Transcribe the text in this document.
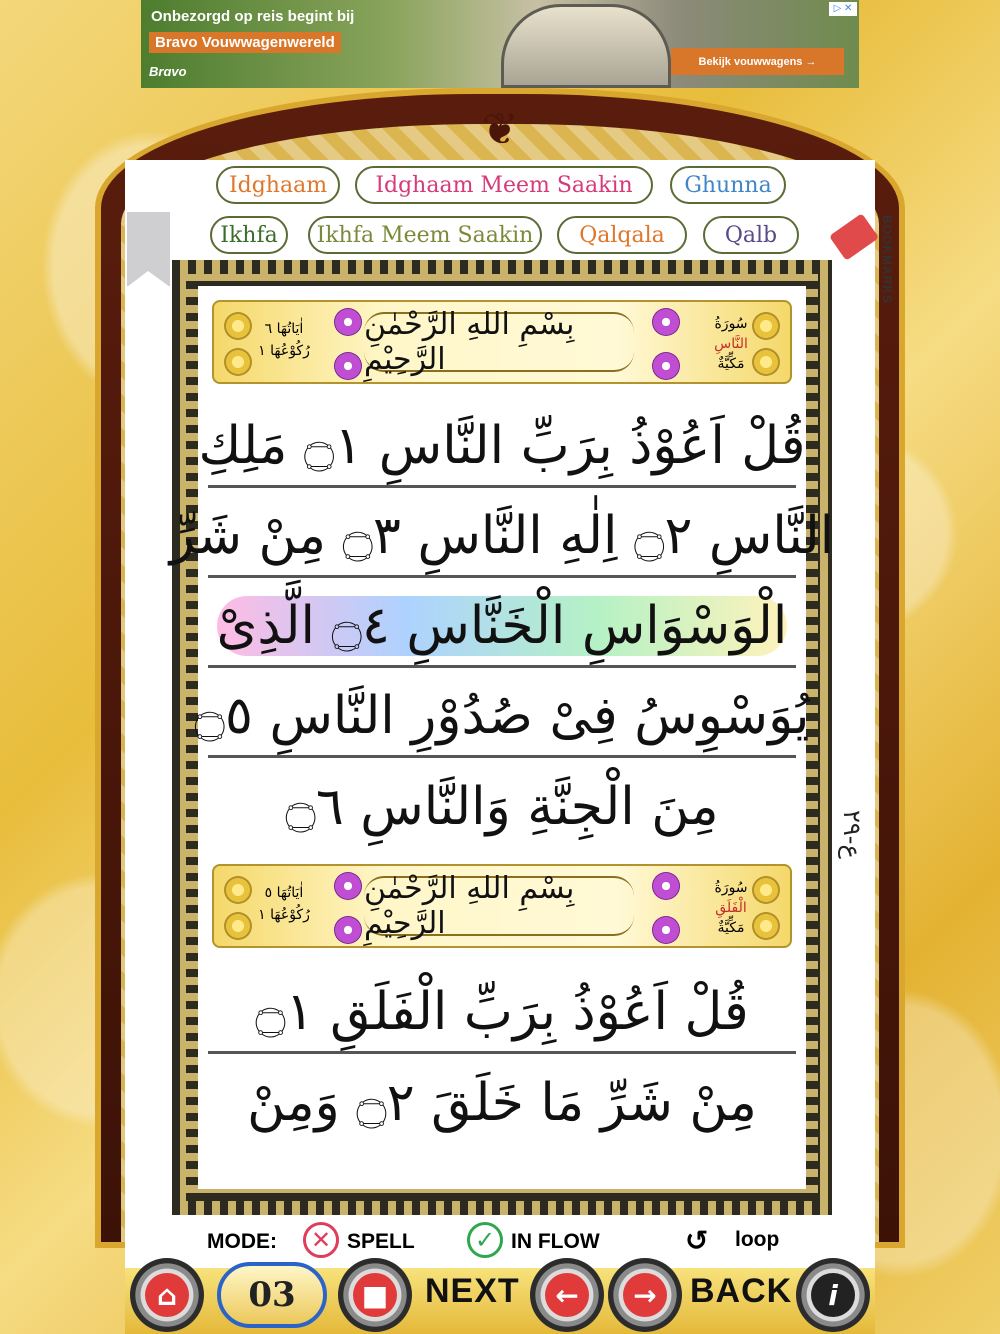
Onbezorgd op reis begint bij
Bravo Vouwwagenwereld
Brɑvo
Bekijk vouwwagens →
▷ ✕
❦
Idghaam	Idghaam Meem Saakin	Ghunna
Ikhfa	Ikhfa Meem Saakin	Qalqala	Qalb	BOOKMARKS
اٰيَاتُهَا ٦
رُكُوْعُهَا ١
بِسْمِ اللهِ الرَّحْمٰنِ الرَّحِيْمِ
سُورَةُ
النَّاسِ
مَكِّيَّةٌ
قُلْ اَعُوْذُ بِرَبِّ النَّاسِ ۝١ مَلِكِ
النَّاسِ ۝٢ اِلٰهِ النَّاسِ ۝٣ مِنْ شَرِّ
الْوَسْوَاسِ الْخَنَّاسِ ۝٤ الَّذِىْ
يُوَسْوِسُ فِىْ صُدُوْرِ النَّاسِ ۝٥
مِنَ الْجِنَّةِ وَالنَّاسِ ۝٦
اٰيَاتُهَا ٥
رُكُوْعُهَا ١
بِسْمِ اللهِ الرَّحْمٰنِ الرَّحِيْمِ
سُورَةُ
الْفَلَقِ
مَكِّيَّةٌ
قُلْ اَعُوْذُ بِرَبِّ الْفَلَقِ ۝١
مِنْ شَرِّ مَا خَلَقَ ۝٢ وَمِنْ
ع-٢٩
MODE:	✕ SPELL	✓ IN FLOW	↺ loop
⌂	03	■ NEXT	←	→ BACK	i
